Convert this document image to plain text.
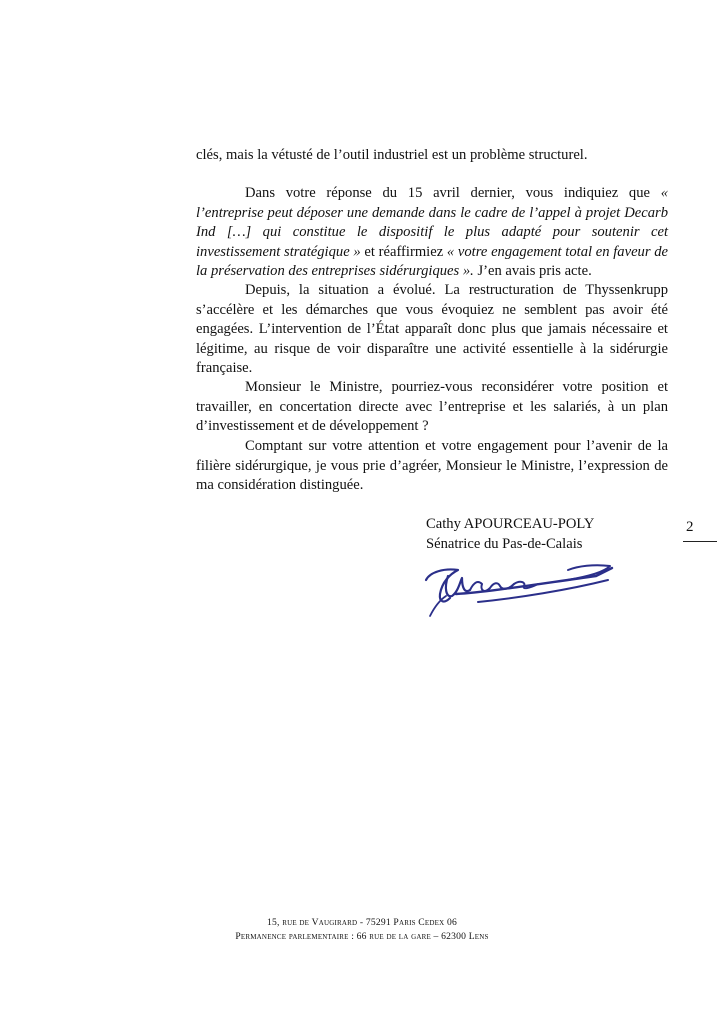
clés, mais la vétusté de l’outil industriel est un problème structurel.

Dans votre réponse du 15 avril dernier, vous indiquiez que « l’entreprise peut déposer une demande dans le cadre de l’appel à projet Decarb Ind […] qui constitue le dispositif le plus adapté pour soutenir cet investissement stratégique » et réaffirmiez « votre engagement total en faveur de la préservation des entreprises sidérurgiques ». J’en avais pris acte.

Depuis, la situation a évolué. La restructuration de Thyssenkrupp s’accélère et les démarches que vous évoquiez ne semblent pas avoir été engagées. L’intervention de l’État apparaît donc plus que jamais nécessaire et légitime, au risque de voir disparaître une activité essentielle à la sidérurgie française.

Monsieur le Ministre, pourriez-vous reconsidérer votre position et travailler, en concertation directe avec l’entreprise et les salariés, à un plan d’investissement et de développement ?

Comptant sur votre attention et votre engagement pour l’avenir de la filière sidérurgique, je vous prie d’agréer, Monsieur le Ministre, l’expression de ma considération distinguée.

Cathy APOURCEAU-POLY
Sénatrice du Pas-de-Calais
2
15, rue de Vaugirard - 75291 Paris Cedex 06
Permanence parlementaire : 66 rue de la gare – 62300 Lens
